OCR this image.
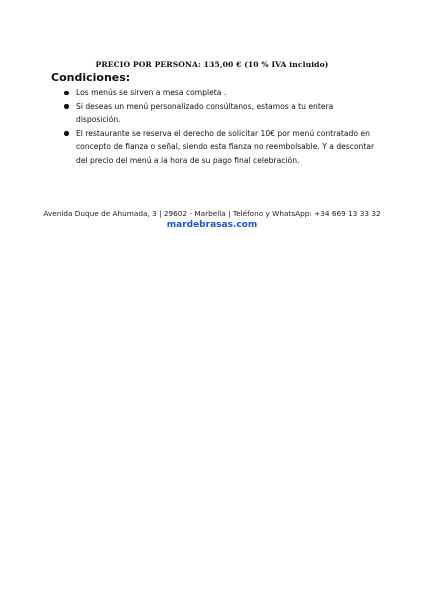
PRECIO POR PERSONA: 135,00 € (10 % IVA incluido)
Condiciones:
Los menús se sirven a mesa completa .
Si deseas un menú personalizado consúltanos, estamos a tu entera
disposición.
El restaurante se reserva el derecho de solicitar 10€ por menú contratado en
concepto de fianza o señal, siendo esta fianza no reembolsable. Y a descontar
del precio del menú a la hora de su pago final celebración.
Avenida Duque de Ahumada, 3 | 29602 - Marbella | Teléfono y WhatsApp: +34 669 13 33 32
mardebrasas.com
